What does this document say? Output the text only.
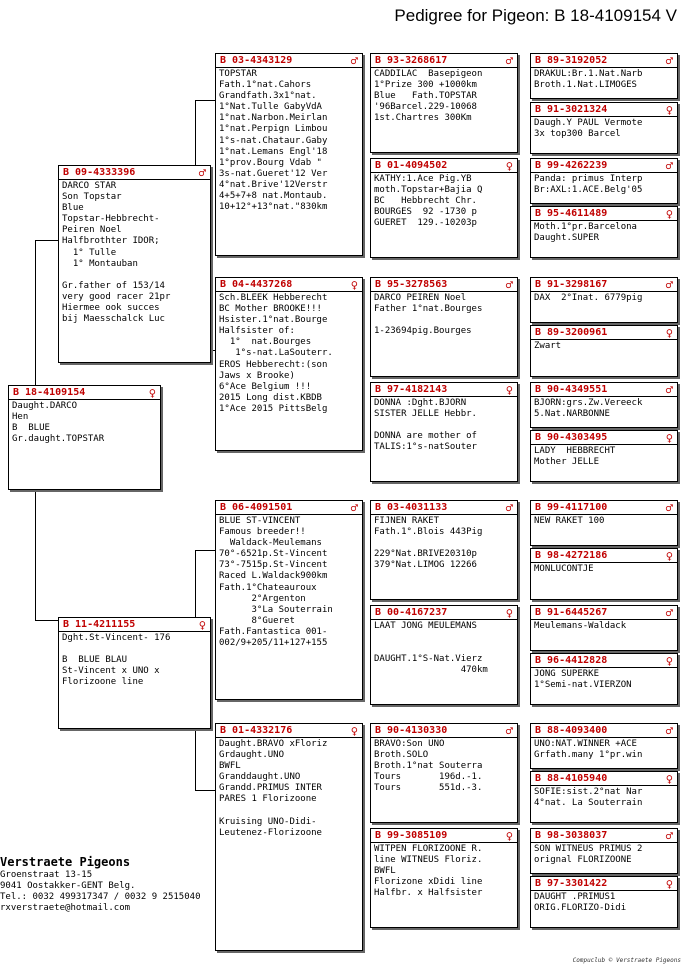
Pedigree for Pigeon: B 18-4109154 V
B 18-4109154	♀
Daught.DARCO
Hen
B  BLUE
Gr.daught.TOPSTAR
B 09-4333396	♂
DARCO STAR
Son Topstar
Blue
Topstar-Hebbrecht-
Peiren Noel
Halfbrothter IDOR;
1° Tulle
1° Montauban
Gr.father of 153/14
very good racer 21pr
Hiermee ook succes
bij Maesschalck Luc
B 11-4211155	♀
Dght.St-Vincent- 176
B  BLUE BLAU
St-Vincent x UNO x
Florizoone line
B 03-4343129	♂
TOPSTAR
Fath.1°nat.Cahors
Grandfath.3x1°nat.
1°Nat.Tulle GabyVdA
1°nat.Narbon.Meirlan
1°nat.Perpign Limbou
1°s-nat.Chataur.Gaby
1°nat.Lemans Engl'18
1°prov.Bourg Vdab "
3s-nat.Gueret'12 Ver
4°nat.Brive'12Verstr
4+5+7+8 nat.Montaub.
10+12°+13°nat."830km
B 04-4437268	♀
Sch.BLEEK Hebberecht
BC Mother BROOKE!!!
Hsister.1°nat.Bourge
Halfsister of:
1°  nat.Bourges
1°s-nat.LaSouterr.
EROS Hebberecht:(son
Jaws x Brooke)
6°Ace Belgium !!!
2015 Long dist.KBDB
1°Ace 2015 PittsBelg
B 06-4091501	♂
BLUE ST-VINCENT
Famous breeder!!
Waldack-Meulemans
70°-6521p.St-Vincent
73°-7515p.St-Vincent
Raced L.Waldack900km
Fath.1°Chateauroux
2°Argenton
3°La Souterrain
8°Gueret
Fath.Fantastica 001-
002/9+205/11+127+155
B 01-4332176	♀
Daught.BRAVO xFloriz
Grdaught.UNO
BWFL
Granddaught.UNO
Grandd.PRIMUS INTER
PARES 1 Florizoone
Kruising UNO-Didi-
Leutenez-Florizoone
B 93-3268617	♂
CADDILAC  Basepigeon
1°Prize 300 +1000km
Blue   Fath.TOPSTAR
'96Barcel.229-10068
1st.Chartres 300Km
B 01-4094502	♀
KATHY:1.Ace Pig.YB
moth.Topstar+Bajia Q
BC   Hebbrecht Chr.
BOURGES  92 -1730 p
GUERET  129.-10203p
B 95-3278563	♂
DARCO PEIREN Noel
Father 1°nat.Bourges
1-23694pig.Bourges
B 97-4182143	♀
DONNA :Dght.BJORN
SISTER JELLE Hebbr.
DONNA are mother of
TALIS:1°s-natSouter
B 03-4031133	♂
FIJNEN RAKET
Fath.1°.Blois 443Pig
229°Nat.BRIVE20310p
379°Nat.LIMOG 12266
B 00-4167237	♀
LAAT JONG MEULEMANS
DAUGHT.1°S-Nat.Vierz
470km
B 90-4130330	♂
BRAVO:Son UNO
Broth.SOLO
Broth.1°nat Souterra
Tours       196d.-1.
Tours       551d.-3.
B 99-3085109	♀
WITPEN FLORIZOONE R.
line WITNEUS Floriz.
BWFL
Florizone xDidi line
Halfbr. x Halfsister
B 89-3192052	♂
DRAKUL:Br.1.Nat.Narb
Broth.1.Nat.LIMOGES
B 91-3021324	♀
Daugh.Y PAUL Vermote
3x top300 Barcel
B 99-4262239	♂
Panda: primus Interp
Br:AXL:1.ACE.Belg'05
B 95-4611489	♀
Moth.1°pr.Barcelona
Daught.SUPER
B 91-3298167	♂
DAX  2°Inat. 6779pig
B 89-3200961	♀
Zwart
B 90-4349551	♂
BJORN:grs.Zw.Vereeck
5.Nat.NARBONNE
B 90-4303495	♀
LADY  HEBBRECHT
Mother JELLE
B 99-4117100	♂
NEW RAKET 100
B 98-4272186	♀
MONLUCONTJE
B 91-6445267	♂
Meulemans-Waldack
B 96-4412828	♀
JONG SUPERKE
1°Semi-nat.VIERZON
B 88-4093400	♂
UNO:NAT.WINNER +ACE
Grfath.many 1°pr.win
B 88-4105940	♀
SOFIE:sist.2°nat Nar
4°nat. La Souterrain
B 98-3038037	♂
SON WITNEUS PRIMUS 2
orignal FLORIZOONE
B 97-3301422	♀
DAUGHT .PRIMUS1
ORIG.FLORIZO-Didi
Verstraete Pigeons
Groenstraat 13-15
9041 Oostakker-GENT Belg.
Tel.: 0032 499317347 / 0032 9 2515040
rxverstraete@hotmail.com
Compuclub © Verstraete Pigeons
